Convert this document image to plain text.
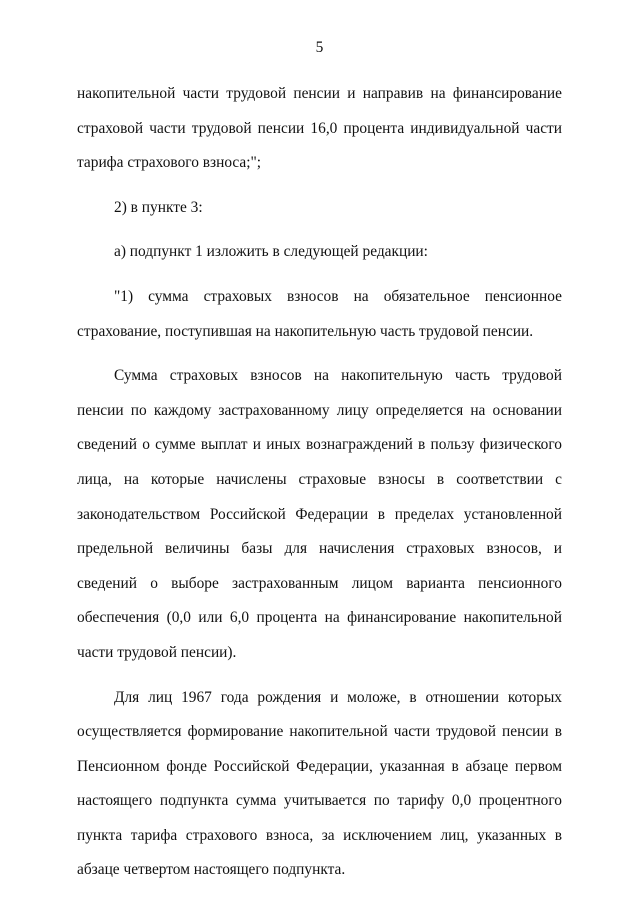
5

накопительной части трудовой пенсии и направив на финансирование страховой части трудовой пенсии 16,0 процента индивидуальной части тарифа страхового взноса;";

2) в пункте 3:

а) подпункт 1 изложить в следующей редакции:

"1) сумма страховых взносов на обязательное пенсионное страхование, поступившая на накопительную часть трудовой пенсии.

Сумма страховых взносов на накопительную часть трудовой пенсии по каждому застрахованному лицу определяется на основании сведений о сумме выплат и иных вознаграждений в пользу физического лица, на которые начислены страховые взносы в соответствии с законодательством Российской Федерации в пределах установленной предельной величины базы для начисления страховых взносов, и сведений о выборе застрахованным лицом варианта пенсионного обеспечения (0,0 или 6,0 процента на финансирование накопительной части трудовой пенсии).

Для лиц 1967 года рождения и моложе, в отношении которых осуществляется формирование накопительной части трудовой пенсии в Пенсионном фонде Российской Федерации, указанная в абзаце первом настоящего подпункта сумма учитывается по тарифу 0,0 процентного пункта тарифа страхового взноса, за исключением лиц, указанных в абзаце четвертом настоящего подпункта.
